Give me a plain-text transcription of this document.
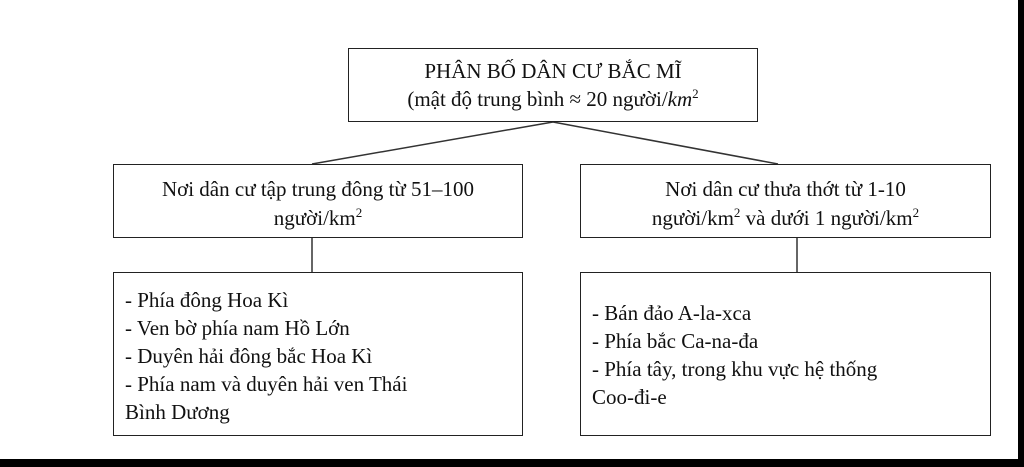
PHÂN BỐ DÂN CƯ BẮC MĨ
(mật độ trung bình ≈ 20 người/$km^2$
Nơi dân cư tập trung đông từ 51–100
người/$km^2$
Nơi dân cư thưa thớt từ 1-10
người/$km^2$ và dưới 1 người/$km^2$
- Phía đông Hoa Kì
- Ven bờ phía nam Hồ Lớn
- Duyên hải đông bắc Hoa Kì
- Phía nam và duyên hải ven Thái
Bình Dương
- Bán đảo A-la-xca
- Phía bắc Ca-na-đa
- Phía tây, trong khu vực hệ thống
Coo-đi-e
